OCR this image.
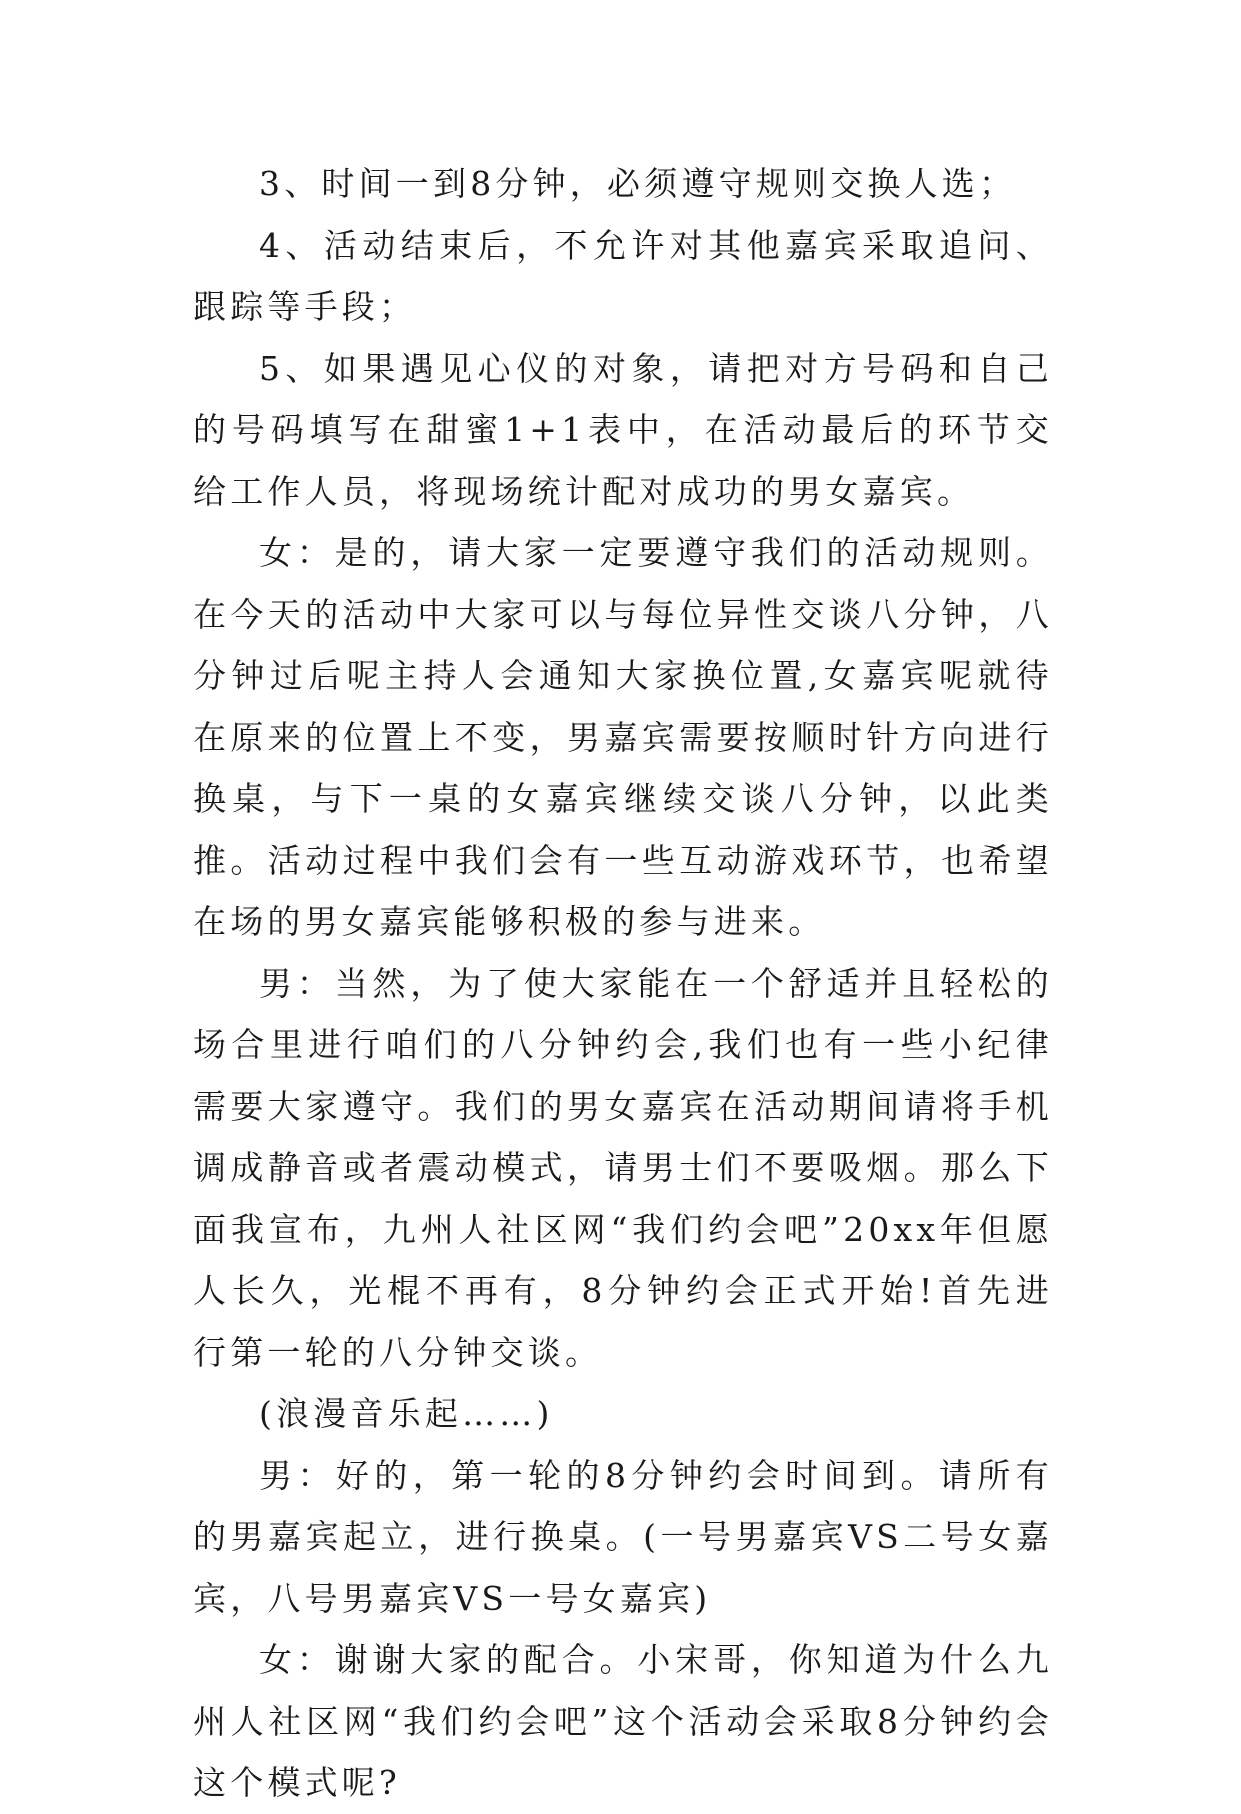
3、时间一到8分钟，必须遵守规则交换人选；

4、活动结束后，不允许对其他嘉宾采取追问、跟踪等手段；

5、如果遇见心仪的对象，请把对方号码和自己的号码填写在甜蜜1+1表中，在活动最后的环节交给工作人员，将现场统计配对成功的男女嘉宾。

女：是的，请大家一定要遵守我们的活动规则。在今天的活动中大家可以与每位异性交谈八分钟，八分钟过后呢主持人会通知大家换位置,女嘉宾呢就待在原来的位置上不变，男嘉宾需要按顺时针方向进行换桌，与下一桌的女嘉宾继续交谈八分钟，以此类推。活动过程中我们会有一些互动游戏环节，也希望在场的男女嘉宾能够积极的参与进来。

男：当然，为了使大家能在一个舒适并且轻松的场合里进行咱们的八分钟约会,我们也有一些小纪律需要大家遵守。我们的男女嘉宾在活动期间请将手机调成静音或者震动模式，请男士们不要吸烟。那么下面我宣布，九州人社区网“我们约会吧”20xx年但愿人长久，光棍不再有，8分钟约会正式开始!首先进行第一轮的八分钟交谈。

(浪漫音乐起……)

男：好的，第一轮的8分钟约会时间到。请所有的男嘉宾起立，进行换桌。(一号男嘉宾VS二号女嘉宾，八号男嘉宾VS一号女嘉宾)

女：谢谢大家的配合。小宋哥，你知道为什么九州人社区网“我们约会吧”这个活动会采取8分钟约会这个模式呢?
